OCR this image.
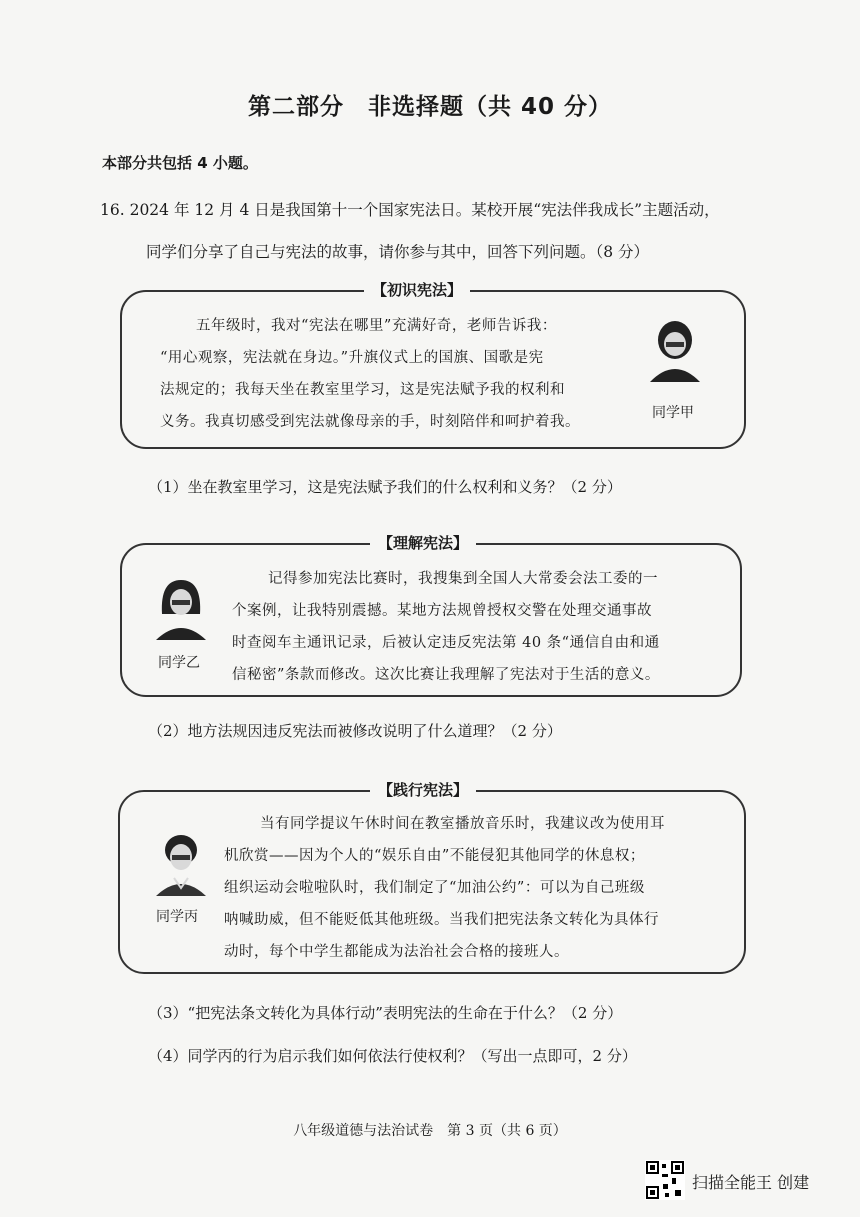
第二部分　非选择题（共 40 分）
本部分共包括 4 小题。
16. 2024 年 12 月 4 日是我国第十一个国家宪法日。某校开展“宪法伴我成长”主题活动，
同学们分享了自己与宪法的故事，请你参与其中，回答下列问题。（8 分）
【初识宪法】
五年级时，我对“宪法在哪里”充满好奇，老师告诉我：
“用心观察，宪法就在身边。”升旗仪式上的国旗、国歌是宪
法规定的；我每天坐在教室里学习，这是宪法赋予我的权利和
义务。我真切感受到宪法就像母亲的手，时刻陪伴和呵护着我。
同学甲
（1）坐在教室里学习，这是宪法赋予我们的什么权利和义务？（2 分）
【理解宪法】
同学乙
记得参加宪法比赛时，我搜集到全国人大常委会法工委的一
个案例，让我特别震撼。某地方法规曾授权交警在处理交通事故
时查阅车主通讯记录，后被认定违反宪法第 40 条“通信自由和通
信秘密”条款而修改。这次比赛让我理解了宪法对于生活的意义。
（2）地方法规因违反宪法而被修改说明了什么道理？（2 分）
【践行宪法】
同学丙
当有同学提议午休时间在教室播放音乐时，我建议改为使用耳
机欣赏——因为个人的“娱乐自由”不能侵犯其他同学的休息权；
组织运动会啦啦队时，我们制定了“加油公约”：可以为自己班级
呐喊助威，但不能贬低其他班级。当我们把宪法条文转化为具体行
动时，每个中学生都能成为法治社会合格的接班人。
（3）“把宪法条文转化为具体行动”表明宪法的生命在于什么？（2 分）
（4）同学丙的行为启示我们如何依法行使权利？（写出一点即可，2 分）
八年级道德与法治试卷　第 3 页（共 6 页）
扫描全能王 创建
